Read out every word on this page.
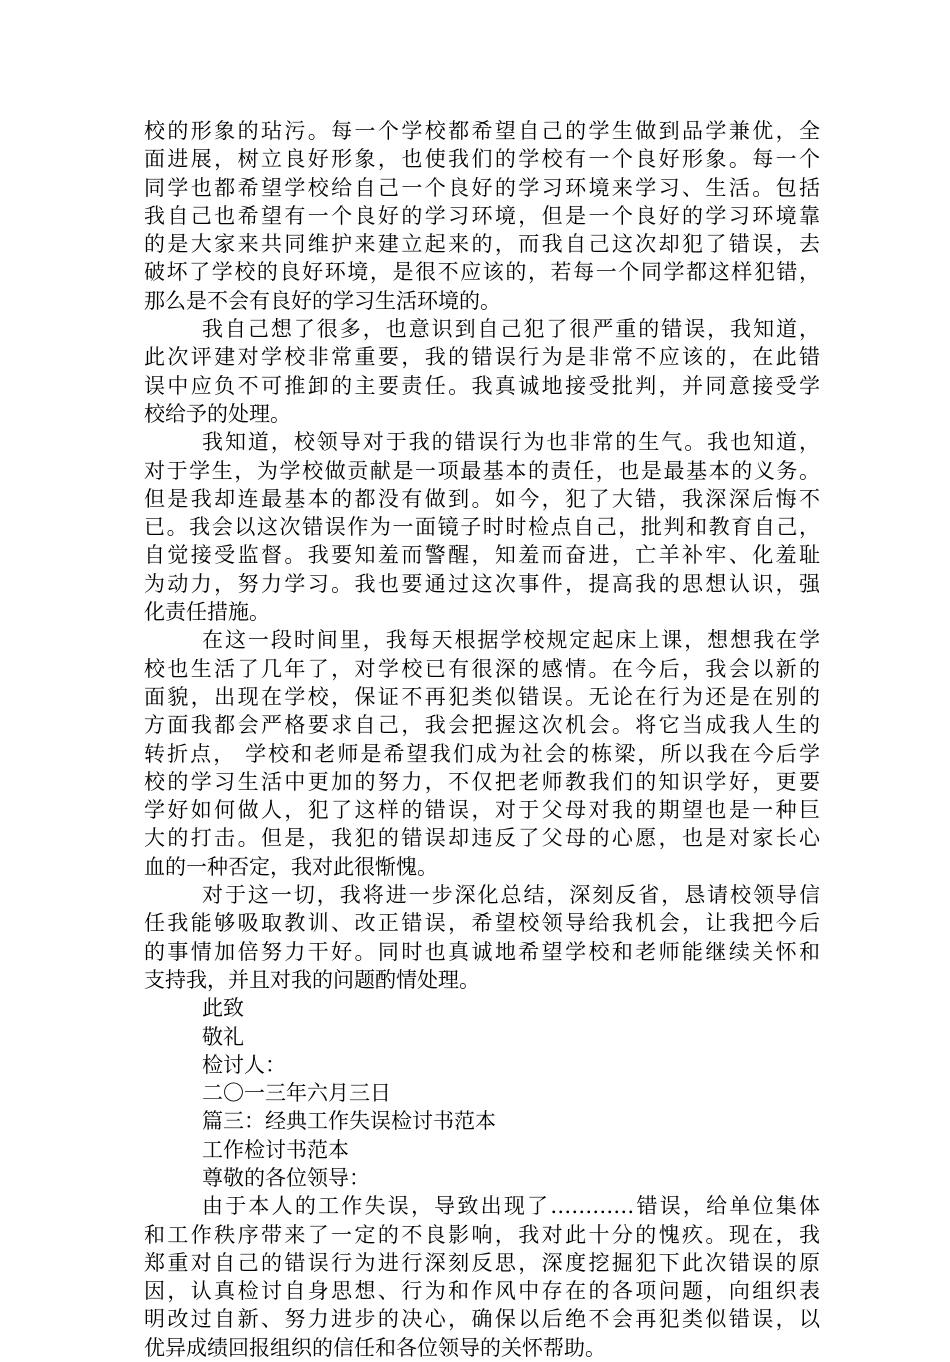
校的形象的玷污。每一个学校都希望自己的学生做到品学兼优，全
面进展，树立良好形象，也使我们的学校有一个良好形象。每一个
同学也都希望学校给自己一个良好的学习环境来学习、生活。包括
我自己也希望有一个良好的学习环境，但是一个良好的学习环境靠
的是大家来共同维护来建立起来的，而我自己这次却犯了错误，去
破坏了学校的良好环境，是很不应该的，若每一个同学都这样犯错，
那么是不会有良好的学习生活环境的。
我自己想了很多，也意识到自己犯了很严重的错误，我知道，
此次评建对学校非常重要，我的错误行为是非常不应该的，在此错
误中应负不可推卸的主要责任。我真诚地接受批判，并同意接受学
校给予的处理。
我知道，校领导对于我的错误行为也非常的生气。我也知道，
对于学生，为学校做贡献是一项最基本的责任，也是最基本的义务。
但是我却连最基本的都没有做到。如今，犯了大错，我深深后悔不
已。我会以这次错误作为一面镜子时时检点自己，批判和教育自己，
自觉接受监督。我要知羞而警醒，知羞而奋进，亡羊补牢、化羞耻
为动力，努力学习。我也要通过这次事件，提高我的思想认识，强
化责任措施。
在这一段时间里，我每天根据学校规定起床上课，想想我在学
校也生活了几年了，对学校已有很深的感情。在今后，我会以新的
面貌，出现在学校，保证不再犯类似错误。无论在行为还是在别的
方面我都会严格要求自己，我会把握这次机会。将它当成我人生的
转折点， 学校和老师是希望我们成为社会的栋梁，所以我在今后学
校的学习生活中更加的努力，不仅把老师教我们的知识学好，更要
学好如何做人，犯了这样的错误，对于父母对我的期望也是一种巨
大的打击。但是，我犯的错误却违反了父母的心愿，也是对家长心
血的一种否定，我对此很惭愧。
对于这一切，我将进一步深化总结，深刻反省，恳请校领导信
任我能够吸取教训、改正错误，希望校领导给我机会，让我把今后
的事情加倍努力干好。同时也真诚地希望学校和老师能继续关怀和
支持我，并且对我的问题酌情处理。
此致
敬礼
检讨人：
二〇一三年六月三日
篇三：经典工作失误检讨书范本
工作检讨书范本
尊敬的各位领导：
由于本人的工作失误，导致出现了…………错误，给单位集体
和工作秩序带来了一定的不良影响，我对此十分的愧疚。现在，我
郑重对自己的错误行为进行深刻反思，深度挖掘犯下此次错误的原
因，认真检讨自身思想、行为和作风中存在的各项问题，向组织表
明改过自新、努力进步的决心，确保以后绝不会再犯类似错误，以
优异成绩回报组织的信任和各位领导的关怀帮助。
